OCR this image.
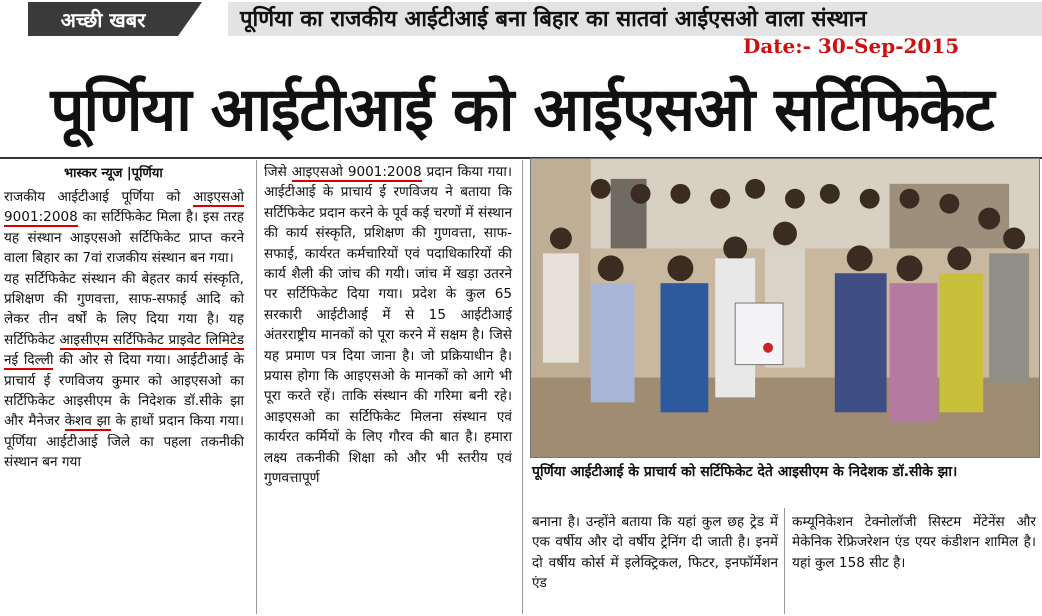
अच्छी खबर	पूर्णिया का राजकीय आईटीआई बना बिहार का सातवां आईएसओ वाला संस्थान
Date:- 30-Sep-2015
पूर्णिया आईटीआई को आईएसओ सर्टिफिकेट
भास्कर न्यूज |पूर्णिया

राजकीय आईटीआई पूर्णिया को आइएसओ 9001:2008 का सर्टिफिकेट मिला है। इस तरह यह संस्थान आइएसओ सर्टिफिकेट प्राप्त करने वाला बिहार का 7वां राजकीय संस्थान बन गया।

यह सर्टिफिकेट संस्थान की बेहतर कार्य संस्कृति, प्रशिक्षण की गुणवत्ता, साफ-सफाई आदि को लेकर तीन वर्षों के लिए दिया गया है। यह सर्टिफिकेट आइसीएम सर्टिफिकेट प्राइवेट लिमिटेड नई दिल्ली की ओर से दिया गया। आईटीआई के प्राचार्य ई रणविजय कुमार को आइएसओ का सर्टिफिकेट आइसीएम के निदेशक डॉ.सीके झा और मैनेजर केशव झा के हाथों प्रदान किया गया। पूर्णिया आईटीआई जिले का पहला तकनीकी संस्थान बन गया

जिसे आइएसओ 9001:2008 प्रदान किया गया। आईटीआई के प्राचार्य ई रणविजय ने बताया कि सर्टिफिकेट प्रदान करने के पूर्व कई चरणों में संस्थान की कार्य संस्कृति, प्रशिक्षण की गुणवत्ता, साफ-सफाई, कार्यरत कर्मचारियों एवं पदाधिकारियों की कार्य शैली की जांच की गयी। जांच में खड़ा उतरने पर सर्टिफिकेट दिया गया। प्रदेश के कुल 65 सरकारी आईटीआई में से 15 आईटीआई अंतरराष्ट्रीय मानकों को पूरा करने में सक्षम है। जिसे यह प्रमाण पत्र दिया जाना है। जो प्रक्रियाधीन है। प्रयास होगा कि आइएसओ के मानकों को आगे भी पूरा करते रहें। ताकि संस्थान की गरिमा बनी रहे। आइएसओ का सर्टिफिकेट मिलना संस्थान एवं कार्यरत कर्मियों के लिए गौरव की बात है। हमारा लक्ष्य तकनीकी शिक्षा को और भी स्तरीय एवं गुणवत्तापूर्ण	पूर्णिया आईटीआई के प्राचार्य को सर्टिफिकेट देते आइसीएम के निदेशक डॉ.सीके झा।

बनाना है। उन्होंने बताया कि यहां कुल छह ट्रेड में एक वर्षीय और दो वर्षीय ट्रेनिंग दी जाती है। इनमें दो वर्षीय कोर्स में इलेक्ट्रिकल, फिटर, इनफॉर्मेशन एंड

कम्यूनिकेशन टेक्नोलॉजी सिस्टम मेंटेनेंस और मेकेनिक रेफ्रिजरेशन एंड एयर कंडीशन शामिल है। यहां कुल 158 सीट है।
